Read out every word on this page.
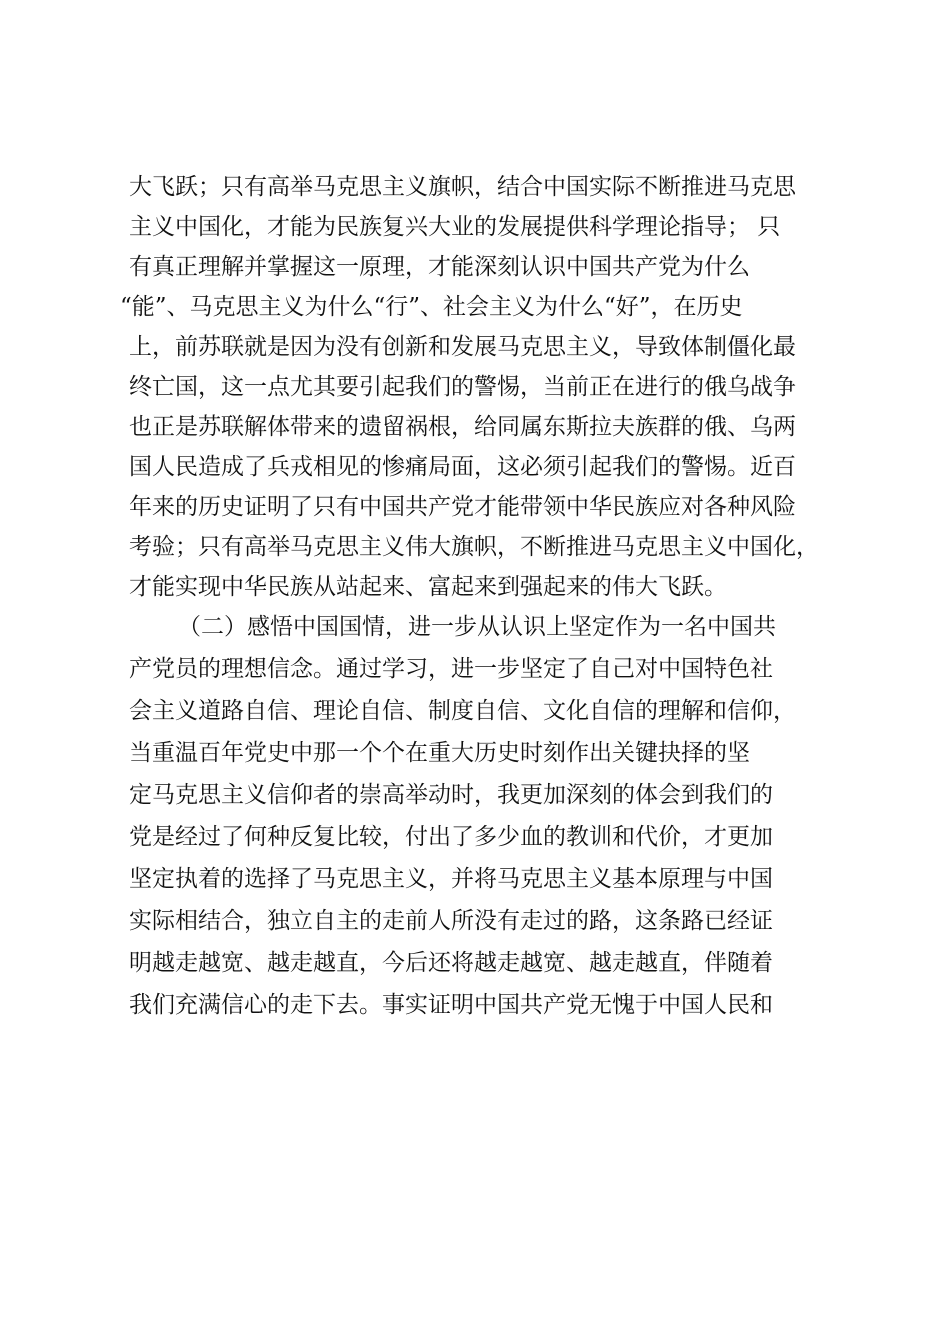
大飞跃；只有高举马克思主义旗帜，结合中国实际不断推进马克思
主义中国化，才能为民族复兴大业的发展提供科学理论指导； 只
有真正理解并掌握这一原理，才能深刻认识中国共产党为什么
“能”、马克思主义为什么“行”、社会主义为什么“好”，在历史
上，前苏联就是因为没有创新和发展马克思主义，导致体制僵化最
终亡国，这一点尤其要引起我们的警惕，当前正在进行的俄乌战争
也正是苏联解体带来的遗留祸根，给同属东斯拉夫族群的俄、乌两
国人民造成了兵戎相见的惨痛局面，这必须引起我们的警惕。近百
年来的历史证明了只有中国共产党才能带领中华民族应对各种风险
考验；只有高举马克思主义伟大旗帜，不断推进马克思主义中国化，
才能实现中华民族从站起来、富起来到强起来的伟大飞跃。
（二）感悟中国国情，进一步从认识上坚定作为一名中国共
产党员的理想信念。通过学习，进一步坚定了自己对中国特色社
会主义道路自信、理论自信、制度自信、文化自信的理解和信仰，
当重温百年党史中那一个个在重大历史时刻作出关键抉择的坚
定马克思主义信仰者的崇高举动时，我更加深刻的体会到我们的
党是经过了何种反复比较，付出了多少血的教训和代价，才更加
坚定执着的选择了马克思主义，并将马克思主义基本原理与中国
实际相结合，独立自主的走前人所没有走过的路，这条路已经证
明越走越宽、越走越直，今后还将越走越宽、越走越直，伴随着
我们充满信心的走下去。事实证明中国共产党无愧于中国人民和
